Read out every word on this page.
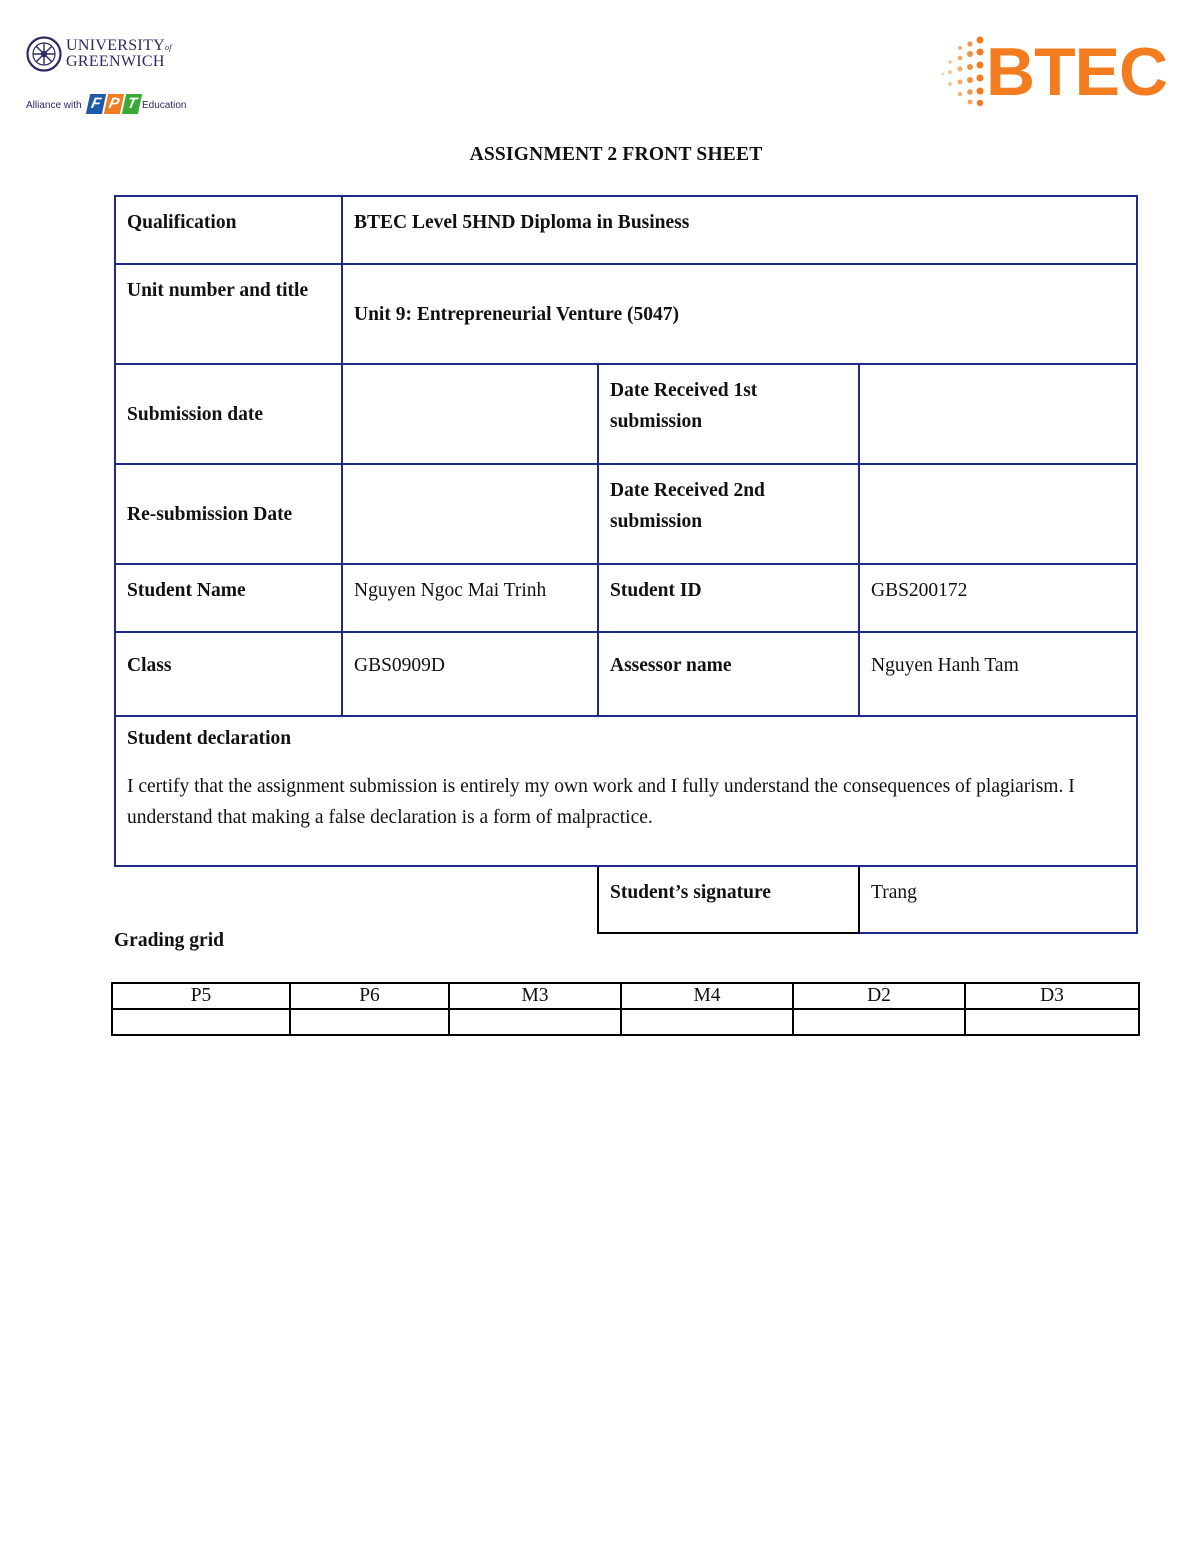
UNIVERSITYof
GREENWICH
Alliance with F P T Education	BTEC
ASSIGNMENT 2 FRONT SHEET
Qualification	BTEC Level 5HND Diploma in Business		
Unit number and title	Unit 9: Entrepreneurial Venture (5047)		
Submission date		Date Received 1st submission	
Re-submission Date		Date Received 2nd submission	
Student Name	Nguyen Ngoc Mai Trinh	Student ID	GBS200172
Class	GBS0909D	Assessor name	Nguyen Hanh Tam

Student declaration
I certify that the assignment submission is entirely my own work and I fully understand the consequences of plagiarism. I understand that making a false declaration is a form of malpractice.			

		Student’s signature	Trang
Grading grid
P5	P6	M3	M4	D2	D3
